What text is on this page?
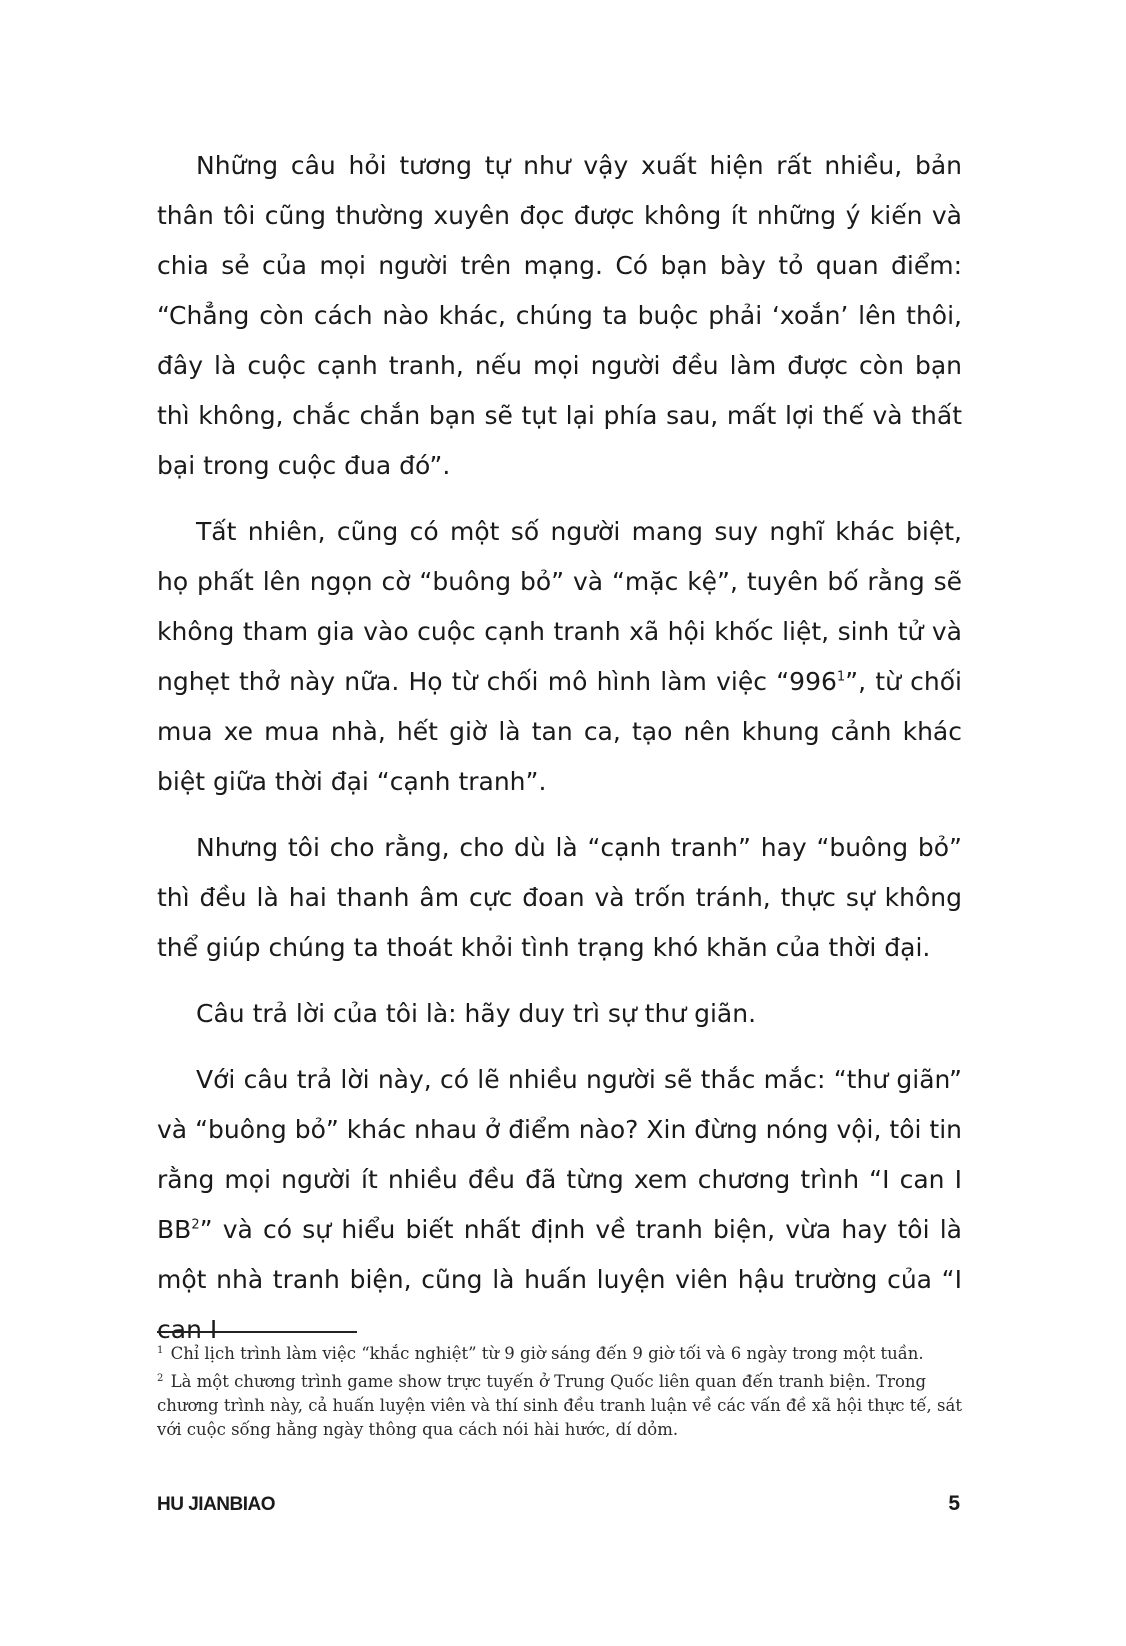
Những câu hỏi tương tự như vậy xuất hiện rất nhiều, bản thân tôi cũng thường xuyên đọc được không ít những ý kiến và chia sẻ của mọi người trên mạng. Có bạn bày tỏ quan điểm: “Chẳng còn cách nào khác, chúng ta buộc phải ‘xoắn’ lên thôi, đây là cuộc cạnh tranh, nếu mọi người đều làm được còn bạn thì không, chắc chắn bạn sẽ tụt lại phía sau, mất lợi thế và thất bại trong cuộc đua đó”.

Tất nhiên, cũng có một số người mang suy nghĩ khác biệt, họ phất lên ngọn cờ “buông bỏ” và “mặc kệ”, tuyên bố rằng sẽ không tham gia vào cuộc cạnh tranh xã hội khốc liệt, sinh tử và nghẹt thở này nữa. Họ từ chối mô hình làm việc “$996^1$”, từ chối mua xe mua nhà, hết giờ là tan ca, tạo nên khung cảnh khác biệt giữa thời đại “cạnh tranh”.

Nhưng tôi cho rằng, cho dù là “cạnh tranh” hay “buông bỏ” thì đều là hai thanh âm cực đoan và trốn tránh, thực sự không thể giúp chúng ta thoát khỏi tình trạng khó khăn của thời đại.

Câu trả lời của tôi là: hãy duy trì sự thư giãn.

Với câu trả lời này, có lẽ nhiều người sẽ thắc mắc: “thư giãn” và “buông bỏ” khác nhau ở điểm nào? Xin đừng nóng vội, tôi tin rằng mọi người ít nhiều đều đã từng xem chương trình “I can I $BB^2$” và có sự hiểu biết nhất định về tranh biện, vừa hay tôi là một nhà tranh biện, cũng là huấn luyện viên hậu trường của “I can I

$^1$ Chỉ lịch trình làm việc “khắc nghiệt” từ 9 giờ sáng đến 9 giờ tối và 6 ngày trong một tuần.

$^2$ Là một chương trình game show trực tuyến ở Trung Quốc liên quan đến tranh biện. Trong chương trình này, cả huấn luyện viên và thí sinh đều tranh luận về các vấn đề xã hội thực tế, sát với cuộc sống hằng ngày thông qua cách nói hài hước, dí dỏm.

HU JIANBIAO	5
